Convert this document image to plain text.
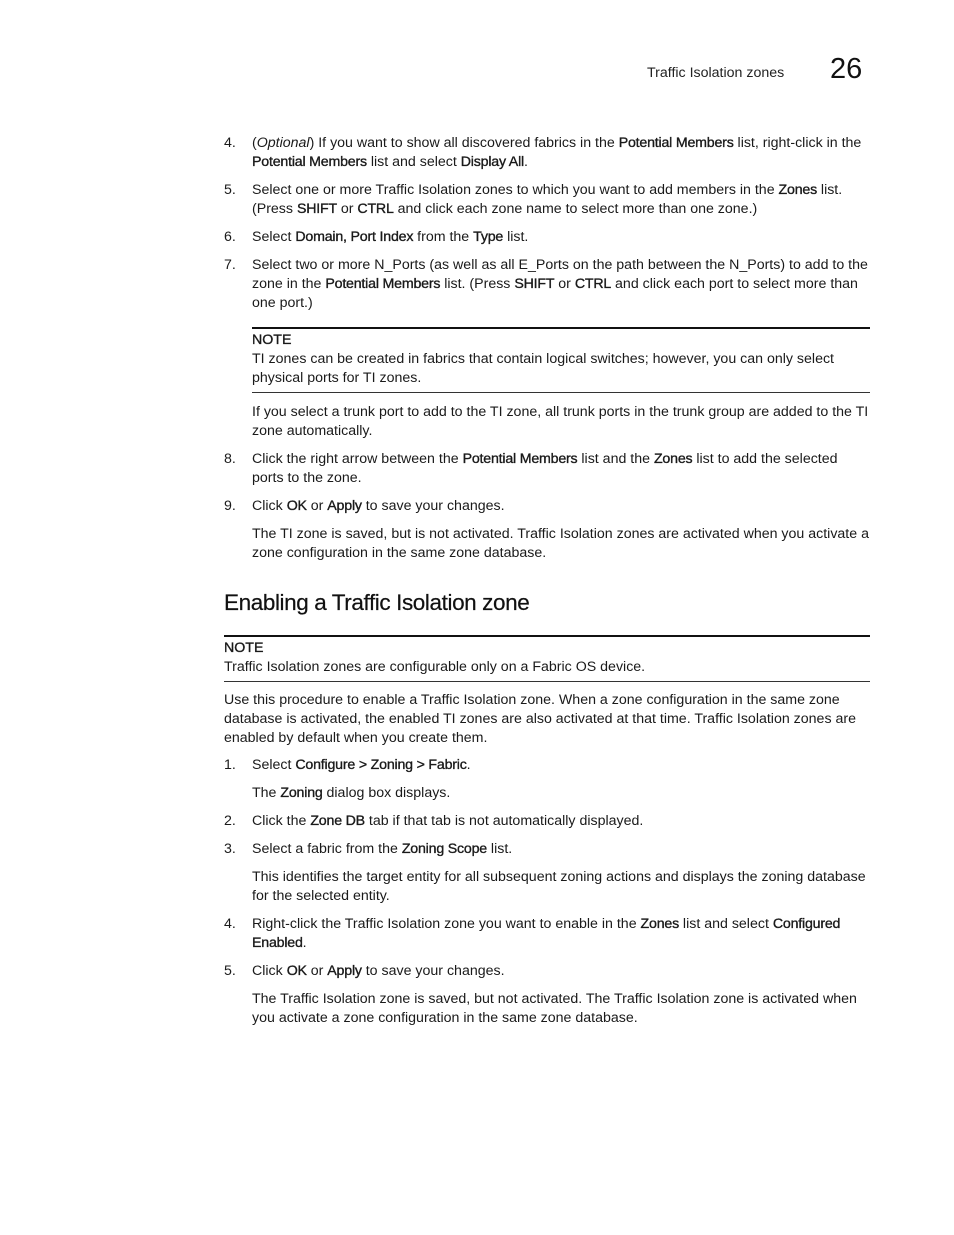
Traffic Isolation zones 26
4.	(Optional) If you want to show all discovered fabrics in the Potential Members list, right-click in the Potential Members list and select Display All.
5.	Select one or more Traffic Isolation zones to which you want to add members in the Zones list. (Press SHIFT or CTRL and click each zone name to select more than one zone.)
6.	Select Domain, Port Index from the Type list.
7.	Select two or more N_Ports (as well as all E_Ports on the path between the N_Ports) to add to the zone in the Potential Members list. (Press SHIFT or CTRL and click each port to select more than one port.)
NOTE
TI zones can be created in fabrics that contain logical switches; however, you can only select physical ports for TI zones.
If you select a trunk port to add to the TI zone, all trunk ports in the trunk group are added to the TI zone automatically.
8.	Click the right arrow between the Potential Members list and the Zones list to add the selected ports to the zone.
9.	Click OK or Apply to save your changes.
The TI zone is saved, but is not activated. Traffic Isolation zones are activated when you activate a zone configuration in the same zone database.
Enabling a Traffic Isolation zone
NOTE
Traffic Isolation zones are configurable only on a Fabric OS device.
Use this procedure to enable a Traffic Isolation zone. When a zone configuration in the same zone database is activated, the enabled TI zones are also activated at that time. Traffic Isolation zones are enabled by default when you create them.
1.	Select Configure > Zoning > Fabric.
The Zoning dialog box displays.
2.	Click the Zone DB tab if that tab is not automatically displayed.
3.	Select a fabric from the Zoning Scope list.
This identifies the target entity for all subsequent zoning actions and displays the zoning database for the selected entity.
4.	Right-click the Traffic Isolation zone you want to enable in the Zones list and select Configured Enabled.
5.	Click OK or Apply to save your changes.
The Traffic Isolation zone is saved, but not activated. The Traffic Isolation zone is activated when you activate a zone configuration in the same zone database.
